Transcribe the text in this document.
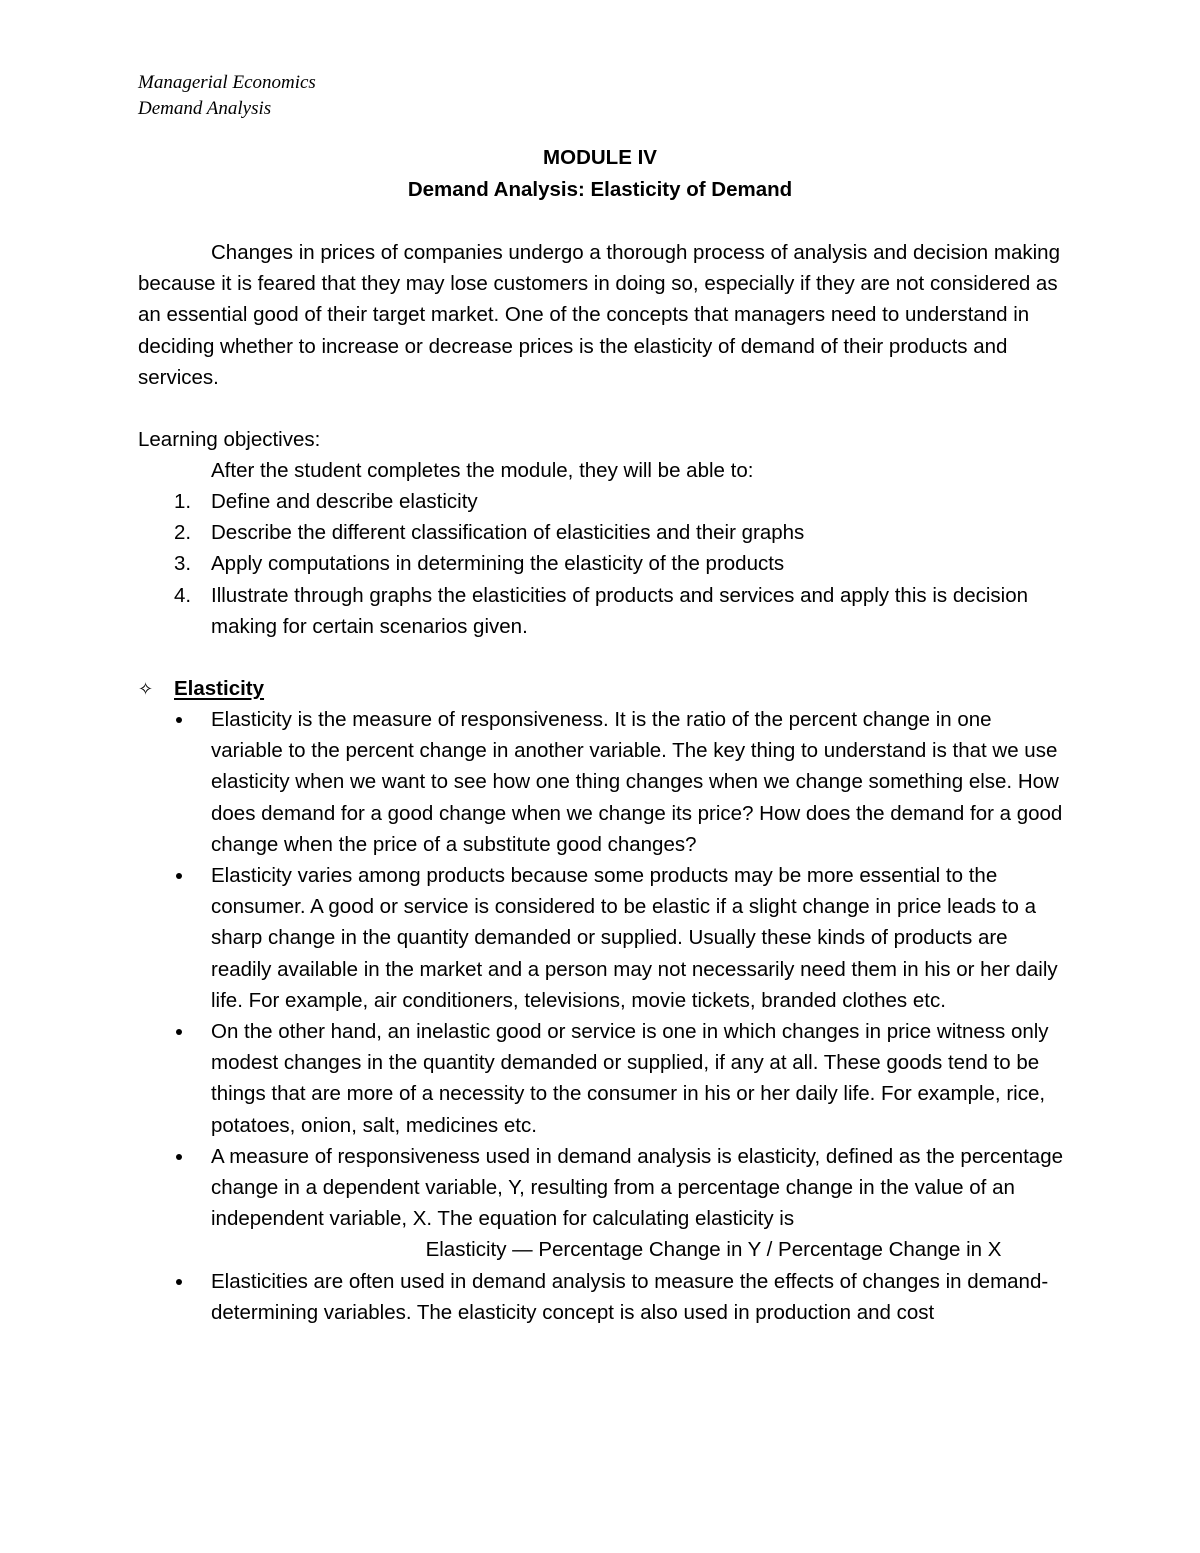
Managerial Economics
Demand Analysis
MODULE IV
Demand Analysis: Elasticity of Demand

Changes in prices of companies undergo a thorough process of analysis and decision making because it is feared that they may lose customers in doing so, especially if they are not considered as an essential good of their target market. One of the concepts that managers need to understand in deciding whether to increase or decrease prices is the elasticity of demand of their products and services.

Learning objectives:
After the student completes the module, they will be able to:
1. Define and describe elasticity
2. Describe the different classification of elasticities and their graphs
3. Apply computations in determining the elasticity of the products
4. Illustrate through graphs the elasticities of products and services and apply this is decision making for certain scenarios given.
✧ Elasticity
Elasticity is the measure of responsiveness. It is the ratio of the percent change in one variable to the percent change in another variable. The key thing to understand is that we use elasticity when we want to see how one thing changes when we change something else. How does demand for a good change when we change its price? How does the demand for a good change when the price of a substitute good changes?
Elasticity varies among products because some products may be more essential to the consumer. A good or service is considered to be elastic if a slight change in price leads to a sharp change in the quantity demanded or supplied. Usually these kinds of products are readily available in the market and a person may not necessarily need them in his or her daily life. For example, air conditioners, televisions, movie tickets, branded clothes etc.
On the other hand, an inelastic good or service is one in which changes in price witness only modest changes in the quantity demanded or supplied, if any at all. These goods tend to be things that are more of a necessity to the consumer in his or her daily life. For example, rice, potatoes, onion, salt, medicines etc.
A measure of responsiveness used in demand analysis is elasticity, defined as the percentage change in a dependent variable, Y, resulting from a percentage change in the value of an independent variable, X. The equation for calculating elasticity is
Elasticity — Percentage Change in Y / Percentage Change in X
Elasticities are often used in demand analysis to measure the effects of changes in demand-determining variables. The elasticity concept is also used in production and cost
